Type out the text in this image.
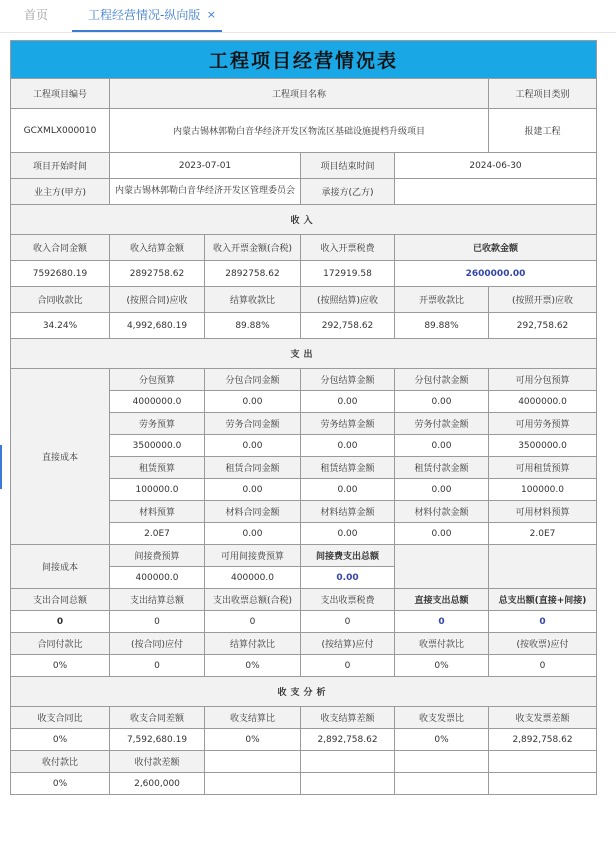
首页	工程经营情况-纵向版 ×
工程项目经营情况表					
工程项目编号	工程项目名称				工程项目类别
GCXMLX000010	内蒙古锡林郭勒白音华经济开发区物流区基础设施提档升级项目				报建工程
项目开始时间	2023-07-01		项目结束时间	2024-06-30	
业主方(甲方)	内蒙古锡林郭勒白音华经济开发区管理委员会		承接方(乙方)		
收入					
收入合同金额	收入结算金额	收入开票金额(合税)	收入开票税费	已收款金额	
7592680.19	2892758.62	2892758.62	172919.58	2600000.00	
合同收款比	(按照合同)应收	结算收款比	(按照结算)应收	开票收款比	(按照开票)应收
34.24%	4,992,680.19	89.88%	292,758.62	89.88%	292,758.62
支出					
直接成本	分包预算	分包合同金额	分包结算金额	分包付款金额	可用分包预算
	4000000.0	0.00	0.00	0.00	4000000.0
	劳务预算	劳务合同金额	劳务结算金额	劳务付款金额	可用劳务预算
	3500000.0	0.00	0.00	0.00	3500000.0
	租赁预算	租赁合同金额	租赁结算金额	租赁付款金额	可用租赁预算
	100000.0	0.00	0.00	0.00	100000.0
	材料预算	材料合同金额	材料结算金额	材料付款金额	可用材料预算
	2.0E7	0.00	0.00	0.00	2.0E7
间接成本	间接费预算	可用间接费预算	间接费支出总额		
	400000.0	400000.0	0.00		
支出合同总额	支出结算总额	支出收票总额(合税)	支出收票税费	直接支出总额	总支出额(直接+间接)
0	0	0	0	0	0
合同付款比	(按合同)应付	结算付款比	(按结算)应付	收票付款比	(按收票)应付
0%	0	0%	0	0%	0
收支分析					
收支合同比	收支合同差额	收支结算比	收支结算差额	收支发票比	收支发票差额
0%	7,592,680.19	0%	2,892,758.62	0%	2,892,758.62
收付款比	收付款差额				
0%	2,600,000				
